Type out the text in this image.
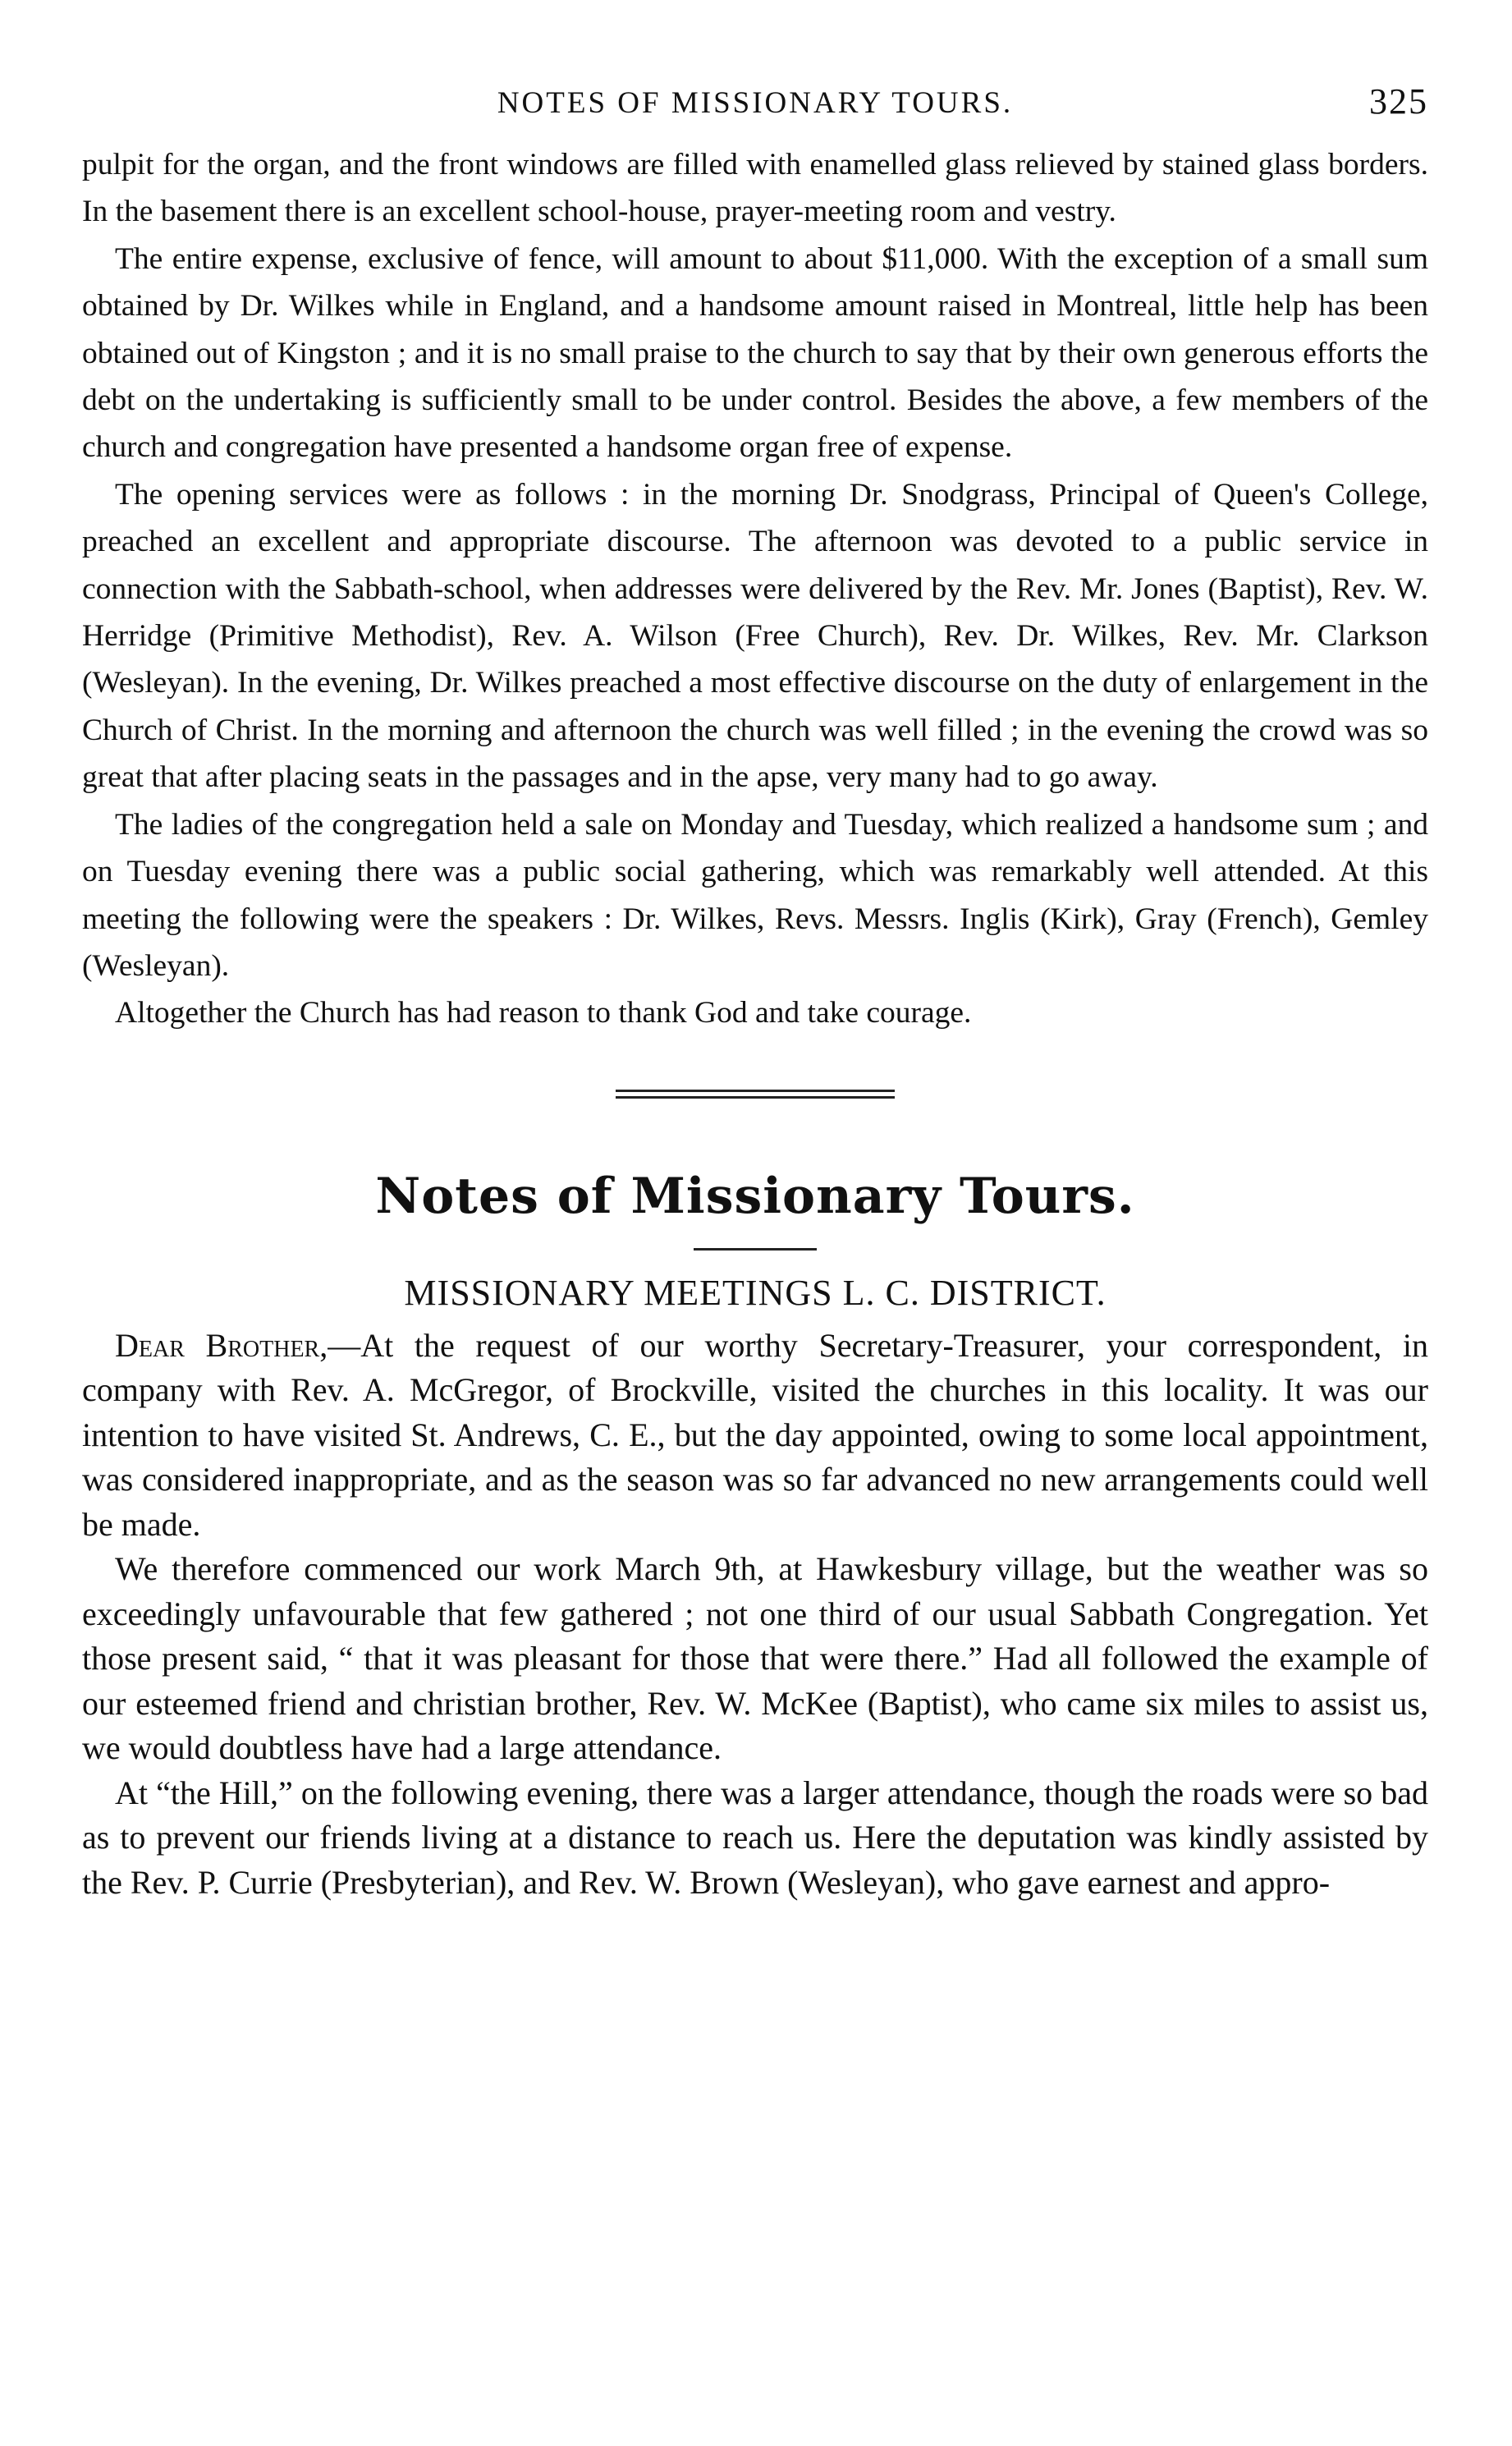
NOTES OF MISSIONARY TOURS.	325

pulpit for the organ, and the front windows are filled with enamelled glass relieved by stained glass borders. In the basement there is an excellent school-house, prayer-meeting room and vestry.

The entire expense, exclusive of fence, will amount to about $11,000. With the exception of a small sum obtained by Dr. Wilkes while in England, and a handsome amount raised in Montreal, little help has been obtained out of Kingston ; and it is no small praise to the church to say that by their own generous efforts the debt on the undertaking is sufficiently small to be under control. Besides the above, a few members of the church and congregation have presented a handsome organ free of expense.

The opening services were as follows : in the morning Dr. Snodgrass, Principal of Queen's College, preached an excellent and appropriate discourse. The afternoon was devoted to a public service in connection with the Sabbath-school, when addresses were delivered by the Rev. Mr. Jones (Baptist), Rev. W. Herridge (Primitive Methodist), Rev. A. Wilson (Free Church), Rev. Dr. Wilkes, Rev. Mr. Clarkson (Wesleyan). In the evening, Dr. Wilkes preached a most effective discourse on the duty of enlargement in the Church of Christ. In the morning and afternoon the church was well filled ; in the evening the crowd was so great that after placing seats in the passages and in the apse, very many had to go away.

The ladies of the congregation held a sale on Monday and Tuesday, which realized a handsome sum ; and on Tuesday evening there was a public social gathering, which was remarkably well attended. At this meeting the following were the speakers : Dr. Wilkes, Revs. Messrs. Inglis (Kirk), Gray (French), Gemley (Wesleyan).

Altogether the Church has had reason to thank God and take courage.

Notes of Missionary Tours.
MISSIONARY MEETINGS L. C. DISTRICT.

Dear Brother,—At the request of our worthy Secretary-Treasurer, your correspondent, in company with Rev. A. McGregor, of Brockville, visited the churches in this locality. It was our intention to have visited St. Andrews, C. E., but the day appointed, owing to some local appointment, was considered inappropriate, and as the season was so far advanced no new arrangements could well be made.

We therefore commenced our work March 9th, at Hawkesbury village, but the weather was so exceedingly unfavourable that few gathered ; not one third of our usual Sabbath Congregation. Yet those present said, “ that it was pleasant for those that were there.” Had all followed the example of our esteemed friend and christian brother, Rev. W. McKee (Baptist), who came six miles to assist us, we would doubtless have had a large attendance.

At “the Hill,” on the following evening, there was a larger attendance, though the roads were so bad as to prevent our friends living at a distance to reach us. Here the deputation was kindly assisted by the Rev. P. Currie (Presbyterian), and Rev. W. Brown (Wesleyan), who gave earnest and appro-
